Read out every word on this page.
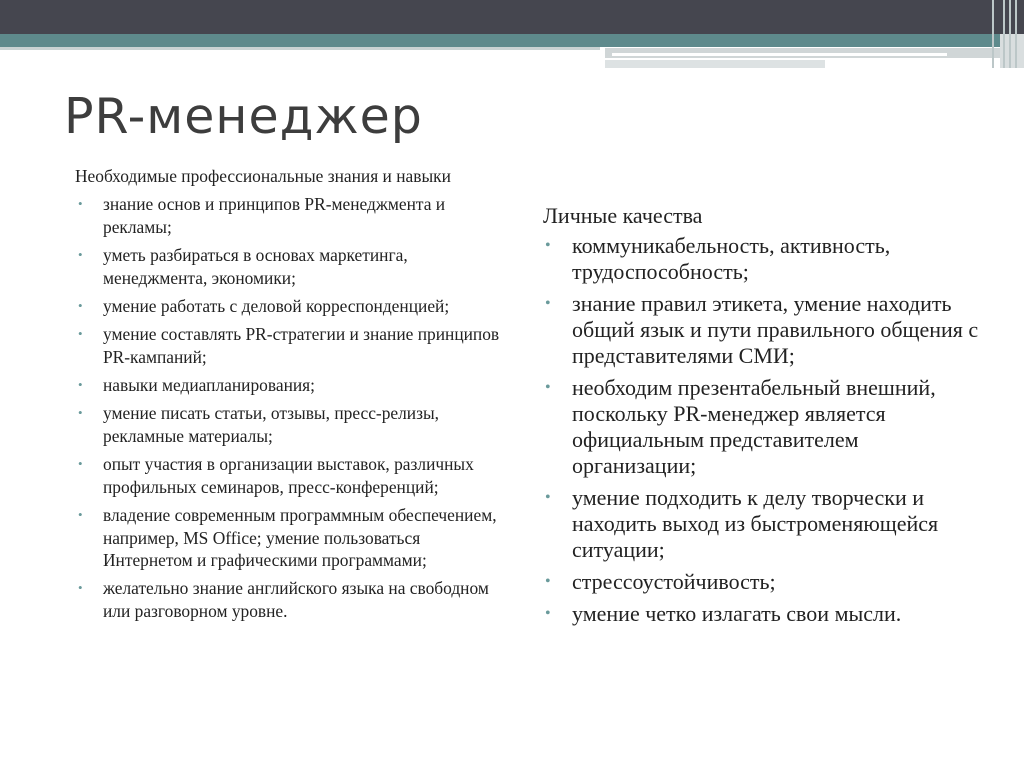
PR-менеджер

Необходимые профессиональные знания и навыки

• знание основ и принципов PR-менеджмента и рекламы;
• уметь разбираться в основах маркетинга, менеджмента, экономики;
• умение работать с деловой корреспонденцией;
• умение составлять PR-стратегии и знание принципов PR-кампаний;
• навыки медиапланирования;
• умение писать статьи, отзывы, пресс-релизы, рекламные материалы;
• опыт участия в организации выставок, различных профильных семинаров, пресс-конференций;
• владение современным программным обеспечением, например, MS Office; умение пользоваться Интернетом и графическими программами;
• желательно знание английского языка на свободном или разговорном уровне.

Личные качества

• коммуникабельность, активность, трудоспособность;
• знание правил этикета, умение находить общий язык и пути правильного общения с представителями СМИ;
• необходим презентабельный внешний, поскольку PR-менеджер является официальным представителем организации;
• умение подходить к делу творчески и находить выход из быстроменяющейся ситуации;
• стрессоустойчивость;
• умение четко излагать свои мысли.
